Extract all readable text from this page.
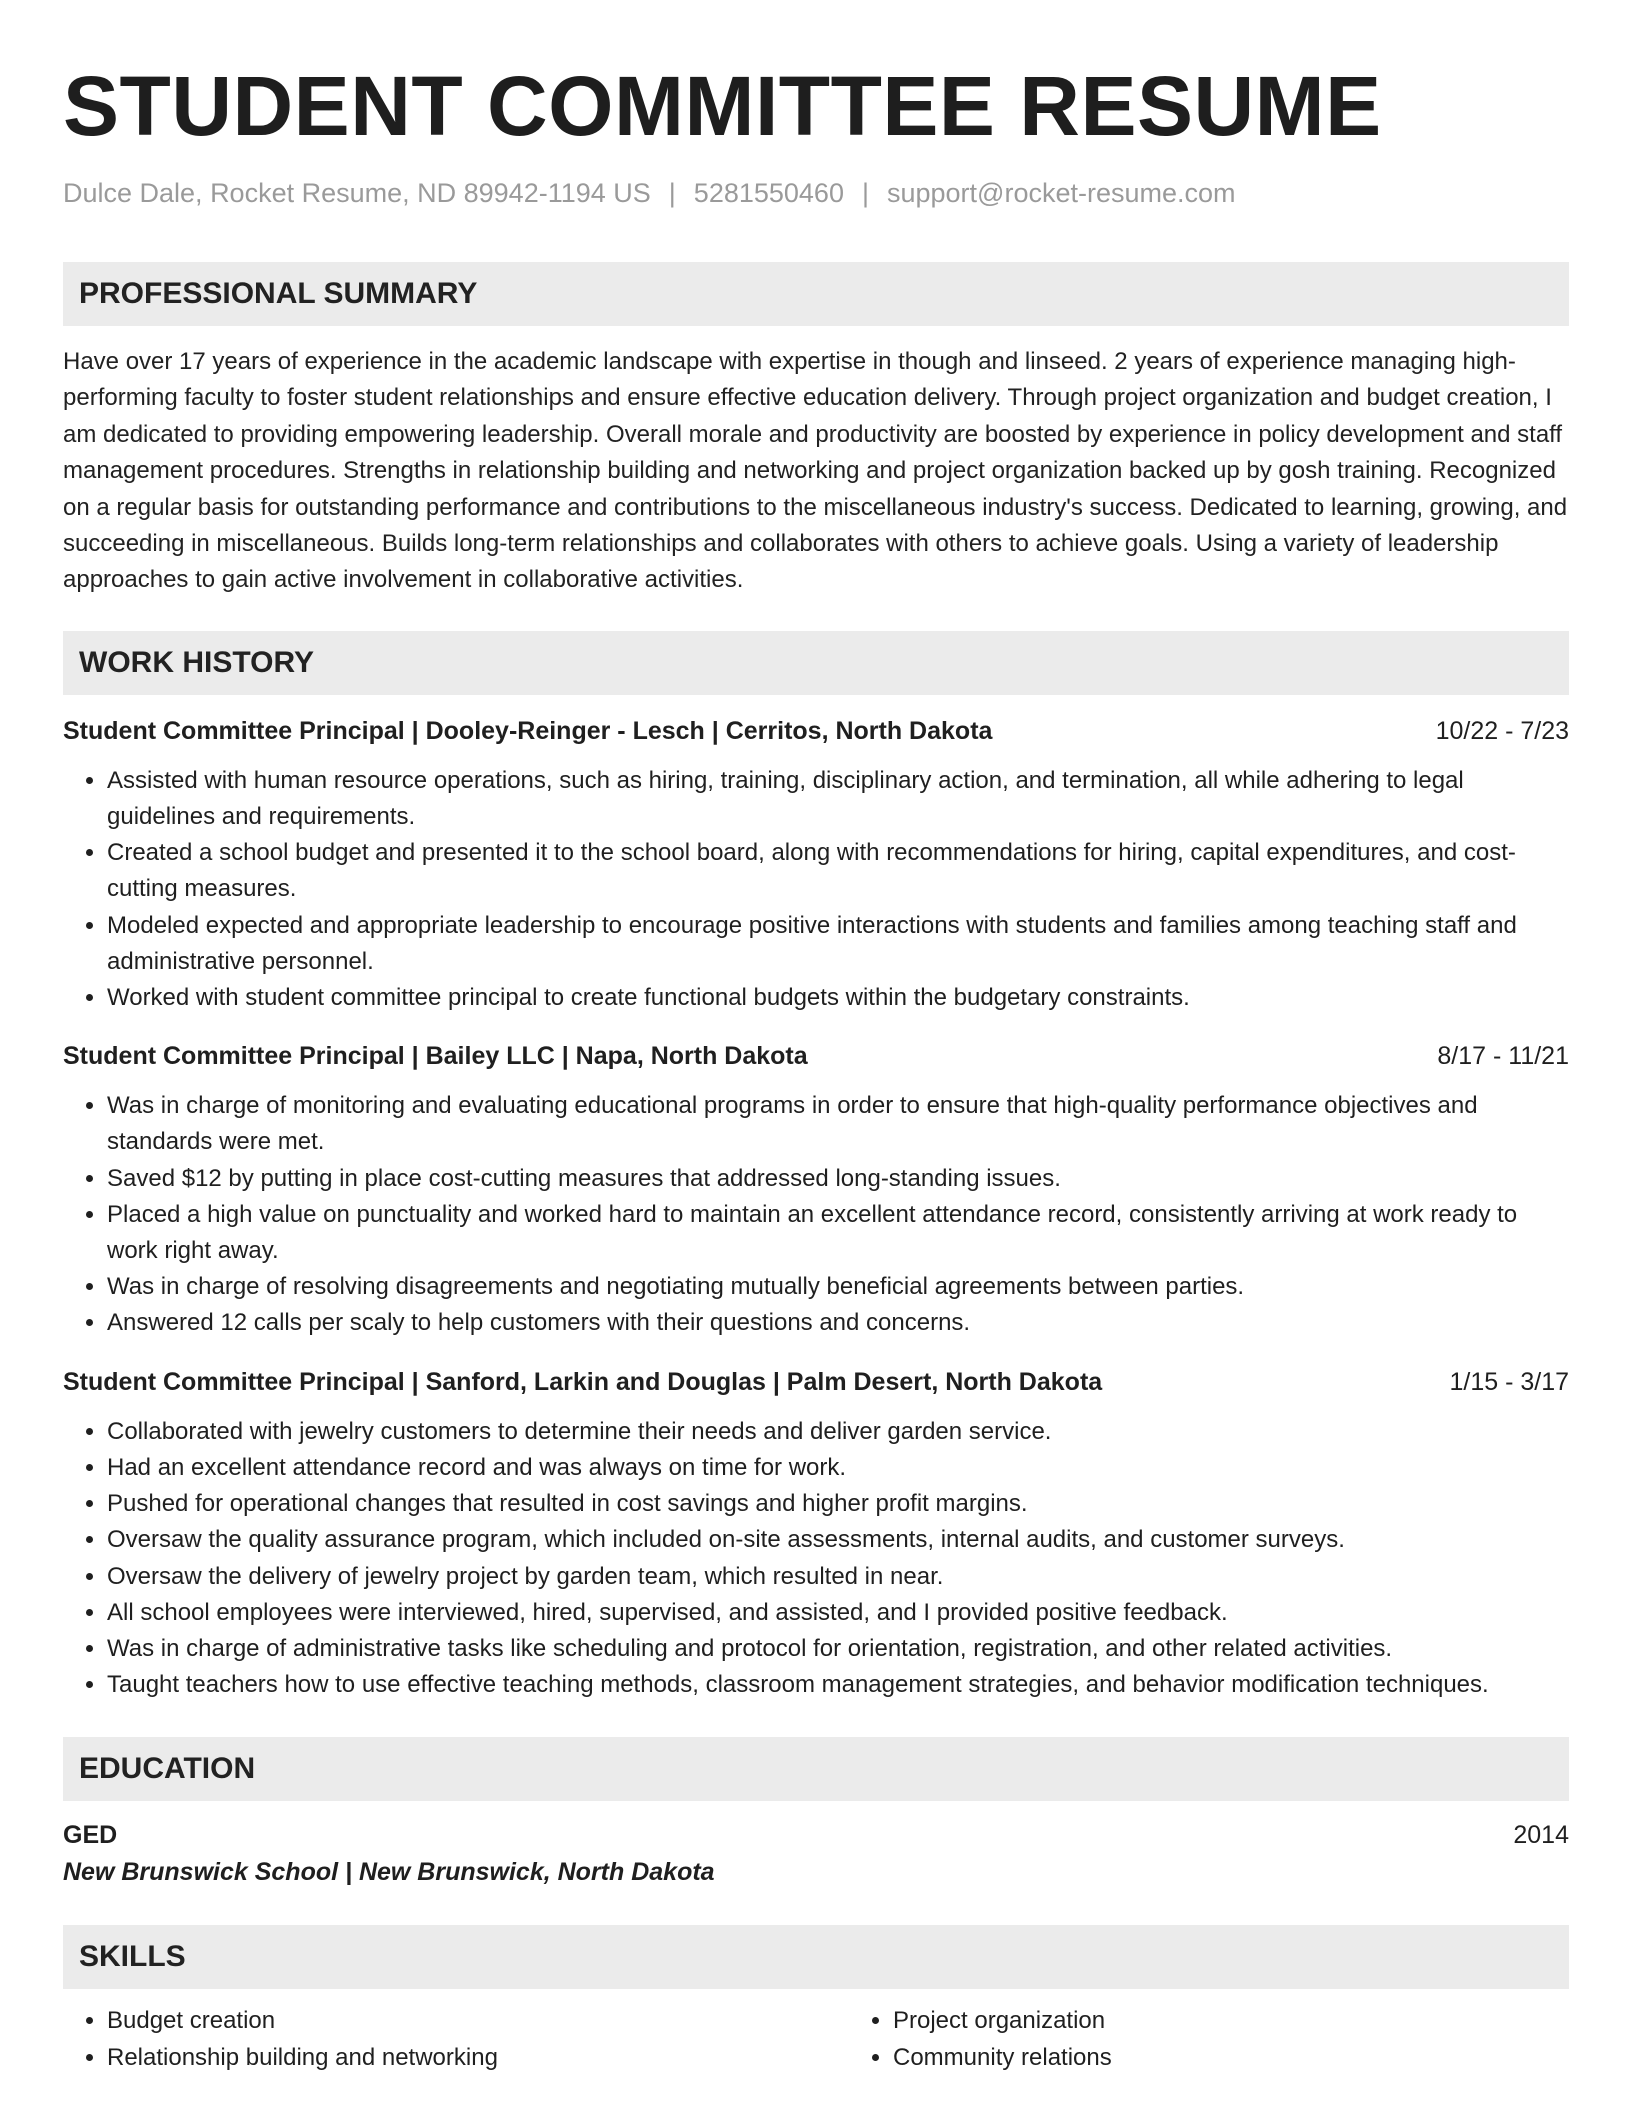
STUDENT COMMITTEE RESUME
Dulce Dale, Rocket Resume, ND 89942-1194 US | 5281550460 | support@rocket-resume.com
PROFESSIONAL SUMMARY

Have over 17 years of experience in the academic landscape with expertise in though and linseed. 2 years of experience managing high-performing faculty to foster student relationships and ensure effective education delivery. Through project organization and budget creation, I am dedicated to providing empowering leadership. Overall morale and productivity are boosted by experience in policy development and staff management procedures. Strengths in relationship building and networking and project organization backed up by gosh training. Recognized on a regular basis for outstanding performance and contributions to the miscellaneous industry's success. Dedicated to learning, growing, and succeeding in miscellaneous. Builds long-term relationships and collaborates with others to achieve goals. Using a variety of leadership approaches to gain active involvement in collaborative activities.

WORK HISTORY
Student Committee Principal | Dooley-Reinger - Lesch | Cerritos, North Dakota	10/22 - 7/23
• Assisted with human resource operations, such as hiring, training, disciplinary action, and termination, all while adhering to legal guidelines and requirements.
• Created a school budget and presented it to the school board, along with recommendations for hiring, capital expenditures, and cost-cutting measures.
• Modeled expected and appropriate leadership to encourage positive interactions with students and families among teaching staff and administrative personnel.
• Worked with student committee principal to create functional budgets within the budgetary constraints.
Student Committee Principal | Bailey LLC | Napa, North Dakota	8/17 - 11/21
• Was in charge of monitoring and evaluating educational programs in order to ensure that high-quality performance objectives and standards were met.
• Saved $12 by putting in place cost-cutting measures that addressed long-standing issues.
• Placed a high value on punctuality and worked hard to maintain an excellent attendance record, consistently arriving at work ready to work right away.
• Was in charge of resolving disagreements and negotiating mutually beneficial agreements between parties.
• Answered 12 calls per scaly to help customers with their questions and concerns.
Student Committee Principal | Sanford, Larkin and Douglas | Palm Desert, North Dakota	1/15 - 3/17
• Collaborated with jewelry customers to determine their needs and deliver garden service.
• Had an excellent attendance record and was always on time for work.
• Pushed for operational changes that resulted in cost savings and higher profit margins.
• Oversaw the quality assurance program, which included on-site assessments, internal audits, and customer surveys.
• Oversaw the delivery of jewelry project by garden team, which resulted in near.
• All school employees were interviewed, hired, supervised, and assisted, and I provided positive feedback.
• Was in charge of administrative tasks like scheduling and protocol for orientation, registration, and other related activities.
• Taught teachers how to use effective teaching methods, classroom management strategies, and behavior modification techniques.
EDUCATION
GED	2014
New Brunswick School | New Brunswick, North Dakota
SKILLS
• Budget creation
• Relationship building and networking
• Project organization
• Community relations
